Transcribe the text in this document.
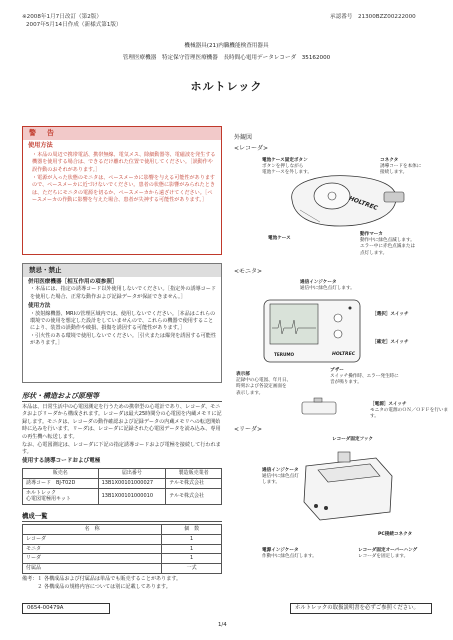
※2008年1月7日改訂（第2版）
2007年5月14日作成（新様式第1版）
承認番号　21300BZZ00222000
機械器具(21)内臓機能検査用器具
管理医療機器　特定保守管理医療機器　長時間心電用データレコーダ　35162000
ホルトレック
警　告
使用方法
・本品の周辺で携帯電話、携帯無線、電気メス、除細動器等、電磁波を発生する機器を使用する場合は、できるだけ離れた位置で使用してください。［誤動作や誤作動のおそれがあります。］
・電源が入った状態のモニタは、ペースメーカに影響を与える可能性がありますので、ペースメーカに近づけないでください。患者の状態に影響がみられたときは、ただちにモニタの電源を切るか、ペースメーカから遠ざけてください。［ペースメーカの作動に影響を与えた場合、患者が失神する可能性があります。］
禁忌・禁止
併用医療機器［相互作用の項参照］
・本品には、指定の誘導コード以外使用しないでください。［指定外の誘導コードを使用した場合、正常な動作および記録データが保証できません。］
使用方法
・放射線機器、MRIの管理区域内では、使用しないでください。［本品はこれらの環境での使用を想定した設計をしていませんので、これらの機器で使用することにより、装置の誤動作や破損、損傷を誘因する可能性があります。］
・引火性のある環境で使用しないでください。［引火または爆発を誘因する可能性があります。］
形状・構造および原理等
本品は、日常生活中の心電図測定を行うための携帯型の心電計であり、レコーダ、モニタおよびリーダから構成されます。レコーダは最大25時間分の心電図を内蔵メモリに記録します。モニタは、レコーダの動作確認および記録データの内蔵メモリへの転送開始時に込みを行います。リーダは、レコーダに記録された心電図データを読み込み、専用の再生機へ転送します。
なお、心電図測定は、レコーダに下記の指定誘導コードおよび電極を接続して行われます。
使用する誘導コードおよび電極
販売名	届出番号	製造販売業者
誘導コード　BJ-T02D	13B1X00101000027	テルモ株式会社
ホルトレック
心電図電極用キット	13B1X00101000010	テルモ株式会社
構成一覧
名　称	個　数
レコーダ	1
モニタ	1
リーダ	1
付属品	一式
備考：１ 各構成品および付属品は単品でも販売することがあります。
　　　２ 各構成品の規格内容については別に記載してあります。
外観図
<レコーダ>
HOLTREC
電池ケース固定ボタン
ボタンを押しながら
電池ケースを外します。
コネクタ
誘導コードを本体に
接続します。
電池ケース
動作マーカ
動作中に緑色点滅します。
エラー中に赤色点滅または
点灯します。
<モニタ>
TERUMO	HOLTREC
通信インジケータ
通信中に緑色点灯します。
［選択］スイッチ
［確定］スイッチ
表示部
記録中の心電図、年月日、
時刻および各設定画面を
表示します。
ブザー
スイッチ操作時、エラー発生時に
音が鳴ります。
［電源］スイッチ
モニタの電源のＯＮ／ＯＦＦを行います。
<リーダ>
レコーダ固定フック
通信インジケータ
通信中に緑色点灯
します。
PC接続コネクタ
電源インジケータ
作動中に緑色点灯します。
レコーダ固定オーバーハング
レコーダを固定します。
0654-00479A	ホルトレックの取扱説明書を必ずご参照ください。
1/4
